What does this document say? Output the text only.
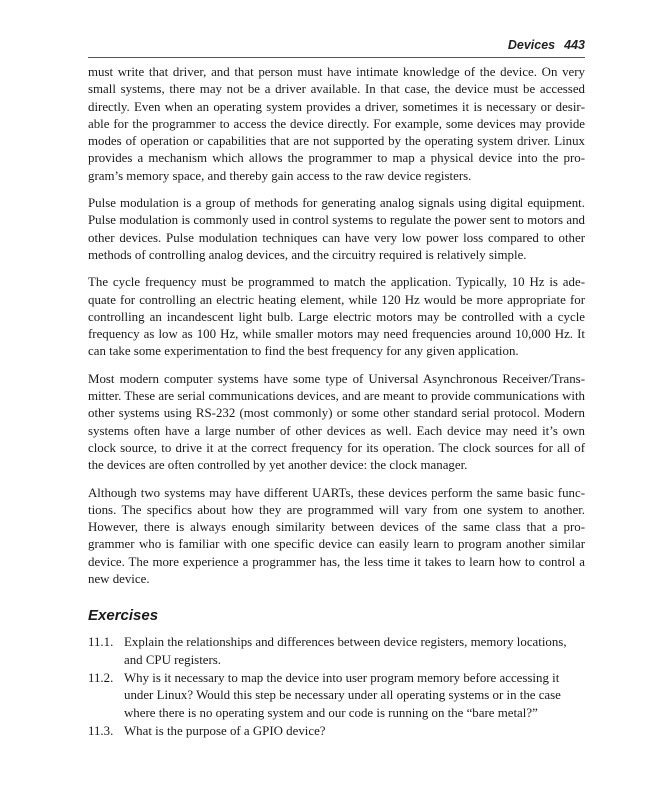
Devices 443

must write that driver, and that person must have intimate knowledge of the device. On very small systems, there may not be a driver available. In that case, the device must be accessed directly. Even when an operating system provides a driver, sometimes it is necessary or desirable for the programmer to access the device directly. For example, some devices may provide modes of operation or capabilities that are not supported by the operating system driver. Linux provides a mechanism which allows the programmer to map a physical device into the program’s memory space, and thereby gain access to the raw device registers.

Pulse modulation is a group of methods for generating analog signals using digital equipment. Pulse modulation is commonly used in control systems to regulate the power sent to motors and other devices. Pulse modulation techniques can have very low power loss compared to other methods of controlling analog devices, and the circuitry required is relatively simple.

The cycle frequency must be programmed to match the application. Typically, 10 Hz is adequate for controlling an electric heating element, while 120 Hz would be more appropriate for controlling an incandescent light bulb. Large electric motors may be controlled with a cycle frequency as low as 100 Hz, while smaller motors may need frequencies around 10,000 Hz. It can take some experimentation to find the best frequency for any given application.

Most modern computer systems have some type of Universal Asynchronous Receiver/Transmitter. These are serial communications devices, and are meant to provide communications with other systems using RS-232 (most commonly) or some other standard serial protocol. Modern systems often have a large number of other devices as well. Each device may need it’s own clock source, to drive it at the correct frequency for its operation. The clock sources for all of the devices are often controlled by yet another device: the clock manager.

Although two systems may have different UARTs, these devices perform the same basic functions. The specifics about how they are programmed will vary from one system to another. However, there is always enough similarity between devices of the same class that a programmer who is familiar with one specific device can easily learn to program another similar device. The more experience a programmer has, the less time it takes to learn how to control a new device.

Exercises
11.1. Explain the relationships and differences between device registers, memory locations, and CPU registers.
11.2. Why is it necessary to map the device into user program memory before accessing it under Linux? Would this step be necessary under all operating systems or in the case where there is no operating system and our code is running on the “bare metal?”
11.3. What is the purpose of a GPIO device?
